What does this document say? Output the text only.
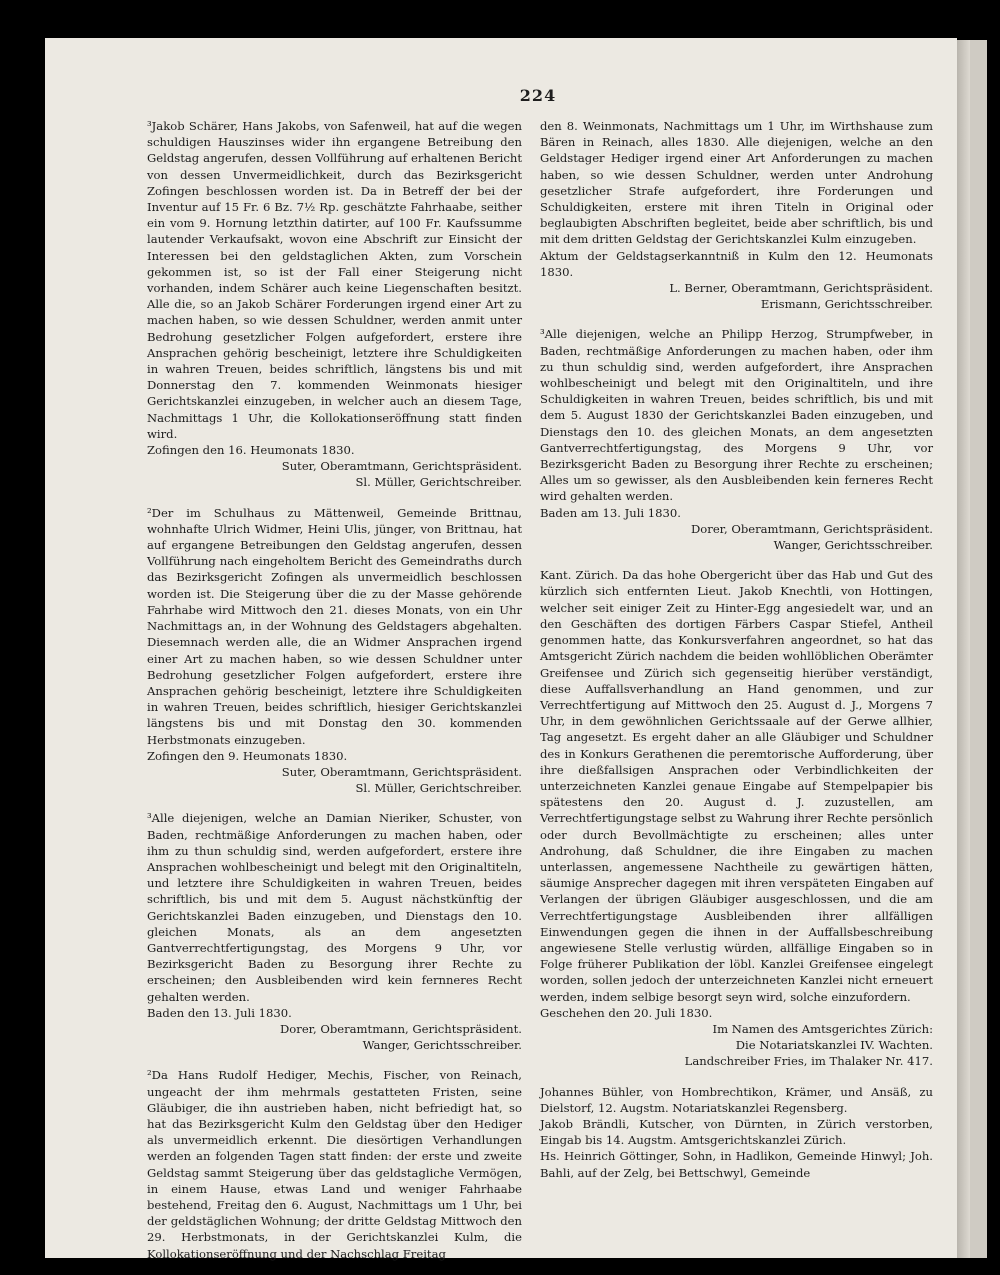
224

³Jakob Schärer, Hans Jakobs, von Safenweil, hat auf die wegen schuldigen Hauszinses wider ihn ergangene Betreibung den Geldstag angerufen, dessen Vollführung auf erhaltenen Bericht von dessen Unvermeidlichkeit, durch das Bezirksgericht Zofingen beschlossen worden ist. Da in Betreff der bei der Inventur auf 15 Fr. 6 Bz. 7½ Rp. geschätzte Fahrhaabe, seither ein vom 9. Hornung letzthin datirter, auf 100 Fr. Kaufssumme lautender Verkaufsakt, wovon eine Abschrift zur Einsicht der Interessen bei den geldstaglichen Akten, zum Vorschein gekommen ist, so ist der Fall einer Steigerung nicht vorhanden, indem Schärer auch keine Liegenschaften besitzt. Alle die, so an Jakob Schärer Forderungen irgend einer Art zu machen haben, so wie dessen Schuldner, werden anmit unter Bedrohung gesetzlicher Folgen aufgefordert, erstere ihre Ansprachen gehörig bescheinigt, letztere ihre Schuldigkeiten in wahren Treuen, beides schriftlich, längstens bis und mit Donnerstag den 7. kommenden Weinmonats hiesiger Gerichtskanzlei einzugeben, in welcher auch an diesem Tage, Nachmittags 1 Uhr, die Kollokationseröffnung statt finden wird.

Zofingen den 16. Heumonats 1830.

Suter, Oberamtmann, Gerichtspräsident.

Sl. Müller, Gerichtschreiber.

²Der im Schulhaus zu Mättenweil, Gemeinde Brittnau, wohnhafte Ulrich Widmer, Heini Ulis, jünger, von Brittnau, hat auf ergangene Betreibungen den Geldstag angerufen, dessen Vollführung nach eingeholtem Bericht des Gemeindraths durch das Bezirksgericht Zofingen als unvermeidlich beschlossen worden ist. Die Steigerung über die zu der Masse gehörende Fahrhabe wird Mittwoch den 21. dieses Monats, von ein Uhr Nachmittags an, in der Wohnung des Geldstagers abgehalten. Diesemnach werden alle, die an Widmer Ansprachen irgend einer Art zu machen haben, so wie dessen Schuldner unter Bedrohung gesetzlicher Folgen aufgefordert, erstere ihre Ansprachen gehörig bescheinigt, letztere ihre Schuldigkeiten in wahren Treuen, beides schriftlich, hiesiger Gerichtskanzlei längstens bis und mit Donstag den 30. kommenden Herbstmonats einzugeben.

Zofingen den 9. Heumonats 1830.

Suter, Oberamtmann, Gerichtspräsident.

Sl. Müller, Gerichtschreiber.

³Alle diejenigen, welche an Damian Nieriker, Schuster, von Baden, rechtmäßige Anforderungen zu machen haben, oder ihm zu thun schuldig sind, werden aufgefordert, erstere ihre Ansprachen wohlbescheinigt und belegt mit den Originaltiteln, und letztere ihre Schuldigkeiten in wahren Treuen, beides schriftlich, bis und mit dem 5. August nächstkünftig der Gerichtskanzlei Baden einzugeben, und Dienstags den 10. gleichen Monats, als an dem angesetzten Gantverrechtfertigungstag, des Morgens 9 Uhr, vor Bezirksgericht Baden zu Besorgung ihrer Rechte zu erscheinen; den Ausbleibenden wird kein fernneres Recht gehalten werden.

Baden den 13. Juli 1830.

Dorer, Oberamtmann, Gerichtspräsident.

Wanger, Gerichtsschreiber.

²Da Hans Rudolf Hediger, Mechis, Fischer, von Reinach, ungeacht der ihm mehrmals gestatteten Fristen, seine Gläubiger, die ihn austrieben haben, nicht befriedigt hat, so hat das Bezirksgericht Kulm den Geldstag über den Hediger als unvermeidlich erkennt. Die diesörtigen Verhandlungen werden an folgenden Tagen statt finden: der erste und zweite Geldstag sammt Steigerung über das geldstagliche Vermögen, in einem Hause, etwas Land und weniger Fahrhaabe bestehend, Freitag den 6. August, Nachmittags um 1 Uhr, bei der geldstäglichen Wohnung; der dritte Geldstag Mittwoch den 29. Herbstmonats, in der Gerichtskanzlei Kulm, die Kollokationseröffnung und der Nachschlag Freitag

den 8. Weinmonats, Nachmittags um 1 Uhr, im Wirthshause zum Bären in Reinach, alles 1830. Alle diejenigen, welche an den Geldstager Hediger irgend einer Art Anforderungen zu machen haben, so wie dessen Schuldner, werden unter Androhung gesetzlicher Strafe aufgefordert, ihre Forderungen und Schuldigkeiten, erstere mit ihren Titeln in Original oder beglaubigten Abschriften begleitet, beide aber schriftlich, bis und mit dem dritten Geldstag der Gerichtskanzlei Kulm einzugeben.

Aktum der Geldstagserkanntniß in Kulm den 12. Heumonats 1830.

L. Berner, Oberamtmann, Gerichtspräsident.

Erismann, Gerichtsschreiber.

³Alle diejenigen, welche an Philipp Herzog, Strumpfweber, in Baden, rechtmäßige Anforderungen zu machen haben, oder ihm zu thun schuldig sind, werden aufgefordert, ihre Ansprachen wohlbescheinigt und belegt mit den Originaltiteln, und ihre Schuldigkeiten in wahren Treuen, beides schriftlich, bis und mit dem 5. August 1830 der Gerichtskanzlei Baden einzugeben, und Dienstags den 10. des gleichen Monats, an dem angesetzten Gantverrechtfertigungstag, des Morgens 9 Uhr, vor Bezirksgericht Baden zu Besorgung ihrer Rechte zu erscheinen; Alles um so gewisser, als den Ausbleibenden kein ferneres Recht wird gehalten werden.

Baden am 13. Juli 1830.

Dorer, Oberamtmann, Gerichtspräsident.

Wanger, Gerichtsschreiber.

Kant. Zürich. Da das hohe Obergericht über das Hab und Gut des kürzlich sich entfernten Lieut. Jakob Knechtli, von Hottingen, welcher seit einiger Zeit zu Hinter-Egg angesiedelt war, und an den Geschäften des dortigen Färbers Caspar Stiefel, Antheil genommen hatte, das Konkursverfahren angeordnet, so hat das Amtsgericht Zürich nachdem die beiden wohllöblichen Oberämter Greifensee und Zürich sich gegenseitig hierüber verständigt, diese Auffallsverhandlung an Hand genommen, und zur Verrechtfertigung auf Mittwoch den 25. August d. J., Morgens 7 Uhr, in dem gewöhnlichen Gerichtssaale auf der Gerwe allhier, Tag angesetzt. Es ergeht daher an alle Gläubiger und Schuldner des in Konkurs Gerathenen die peremtorische Aufforderung, über ihre dießfallsigen Ansprachen oder Verbindlichkeiten der unterzeichneten Kanzlei genaue Eingabe auf Stempelpapier bis spätestens den 20. August d. J. zuzustellen, am Verrechtfertigungstage selbst zu Wahrung ihrer Rechte persönlich oder durch Bevollmächtigte zu erscheinen; alles unter Androhung, daß Schuldner, die ihre Eingaben zu machen unterlassen, angemessene Nachtheile zu gewärtigen hätten, säumige Ansprecher dagegen mit ihren verspäteten Eingaben auf Verlangen der übrigen Gläubiger ausgeschlossen, und die am Verrechtfertigungstage Ausbleibenden ihrer allfälligen Einwendungen gegen die ihnen in der Auffallsbeschreibung angewiesene Stelle verlustig würden, allfällige Eingaben so in Folge früherer Publikation der löbl. Kanzlei Greifensee eingelegt worden, sollen jedoch der unterzeichneten Kanzlei nicht erneuert werden, indem selbige besorgt seyn wird, solche einzufordern.

Geschehen den 20. Juli 1830.

Im Namen des Amtsgerichtes Zürich:

Die Notariatskanzlei IV. Wachten.

Landschreiber Fries, im Thalaker Nr. 417.

Johannes Bühler, von Hombrechtikon, Krämer, und Ansäß, zu Dielstorf, 12. Augstm. Notariatskanzlei Regensberg.

Jakob Brändli, Kutscher, von Dürnten, in Zürich verstorben, Eingab bis 14. Augstm. Amtsgerichtskanzlei Zürich.

Hs. Heinrich Göttinger, Sohn, in Hadlikon, Gemeinde Hinwyl; Joh. Bahli, auf der Zelg, bei Bettschwyl, Gemeinde
